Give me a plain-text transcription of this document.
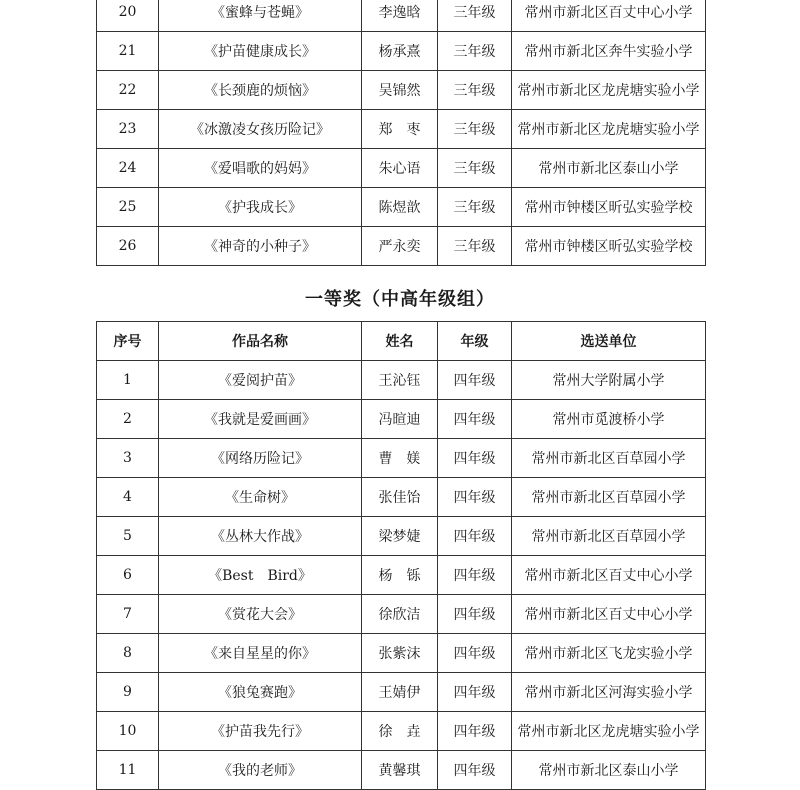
20	《蜜蜂与苍蝇》	李逸晗	三年级	常州市新北区百丈中心小学
21	《护苗健康成长》	杨承熹	三年级	常州市新北区奔牛实验小学
22	《长颈鹿的烦恼》	吴锦然	三年级	常州市新北区龙虎塘实验小学
23	《冰激凌女孩历险记》	郑　枣	三年级	常州市新北区龙虎塘实验小学
24	《爱唱歌的妈妈》	朱心语	三年级	常州市新北区泰山小学
25	《护我成长》	陈煜歆	三年级	常州市钟楼区昕弘实验学校
26	《神奇的小种子》	严永奕	三年级	常州市钟楼区昕弘实验学校
一等奖（中高年级组）
序号	作品名称	姓名	年级	选送单位
1	《爱阅护苗》	王沁钰	四年级	常州大学附属小学
2	《我就是爱画画》	冯暄迪	四年级	常州市觅渡桥小学
3	《网络历险记》	曹　媄	四年级	常州市新北区百草园小学
4	《生命树》	张佳饴	四年级	常州市新北区百草园小学
5	《丛林大作战》	梁梦婕	四年级	常州市新北区百草园小学
6	《Best　Bird》	杨　铄	四年级	常州市新北区百丈中心小学
7	《赏花大会》	徐欣洁	四年级	常州市新北区百丈中心小学
8	《来自星星的你》	张紫沫	四年级	常州市新北区飞龙实验小学
9	《狼兔赛跑》	王婧伊	四年级	常州市新北区河海实验小学
10	《护苗我先行》	徐　垚	四年级	常州市新北区龙虎塘实验小学
11	《我的老师》	黄馨琪	四年级	常州市新北区泰山小学
